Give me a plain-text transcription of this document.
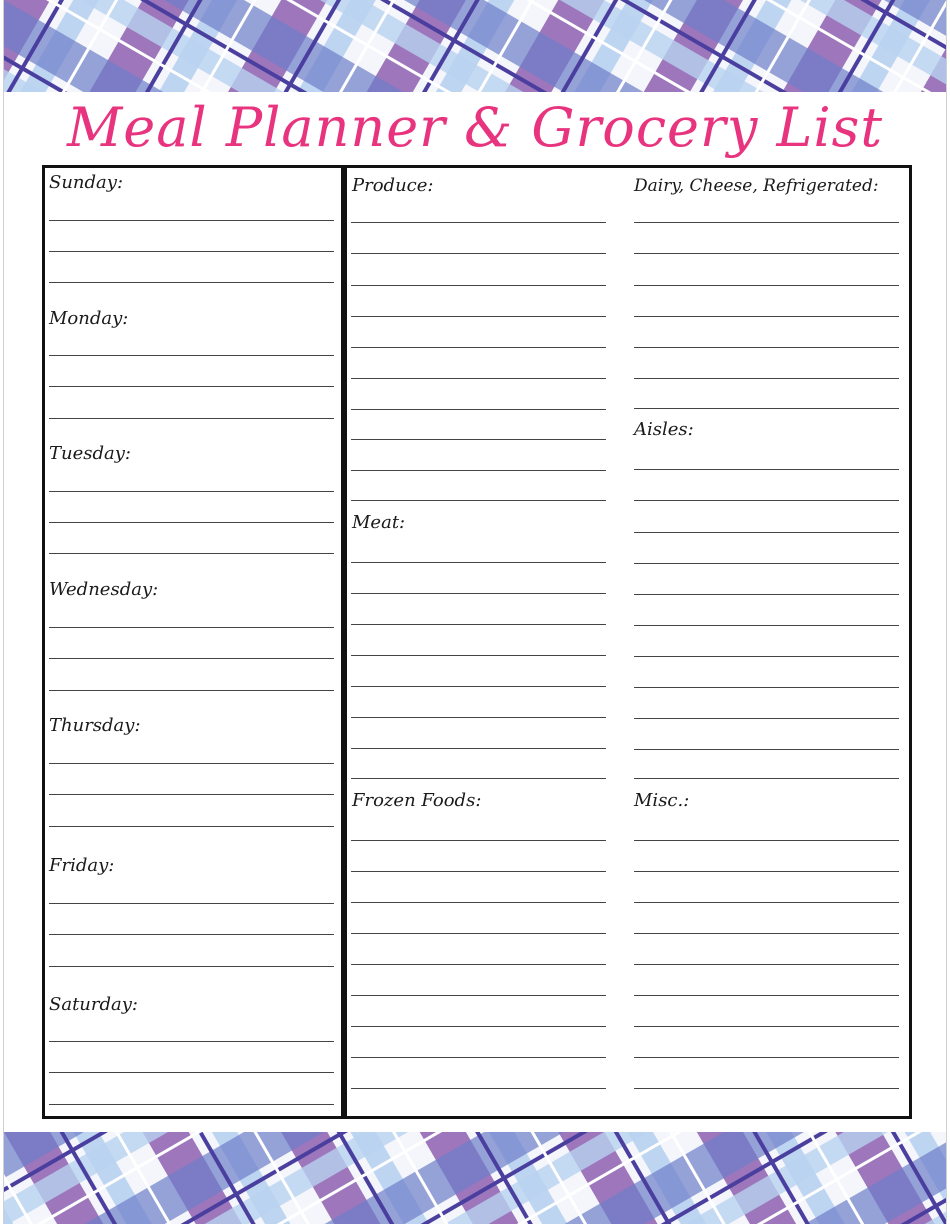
Meal Planner & Grocery List
Sunday:
Monday:
Tuesday:
Wednesday:
Thursday:
Friday:
Saturday:
Produce:	Dairy, Cheese, Refrigerated:
Aisles:
Meat:
Frozen Foods:	Misc.:
